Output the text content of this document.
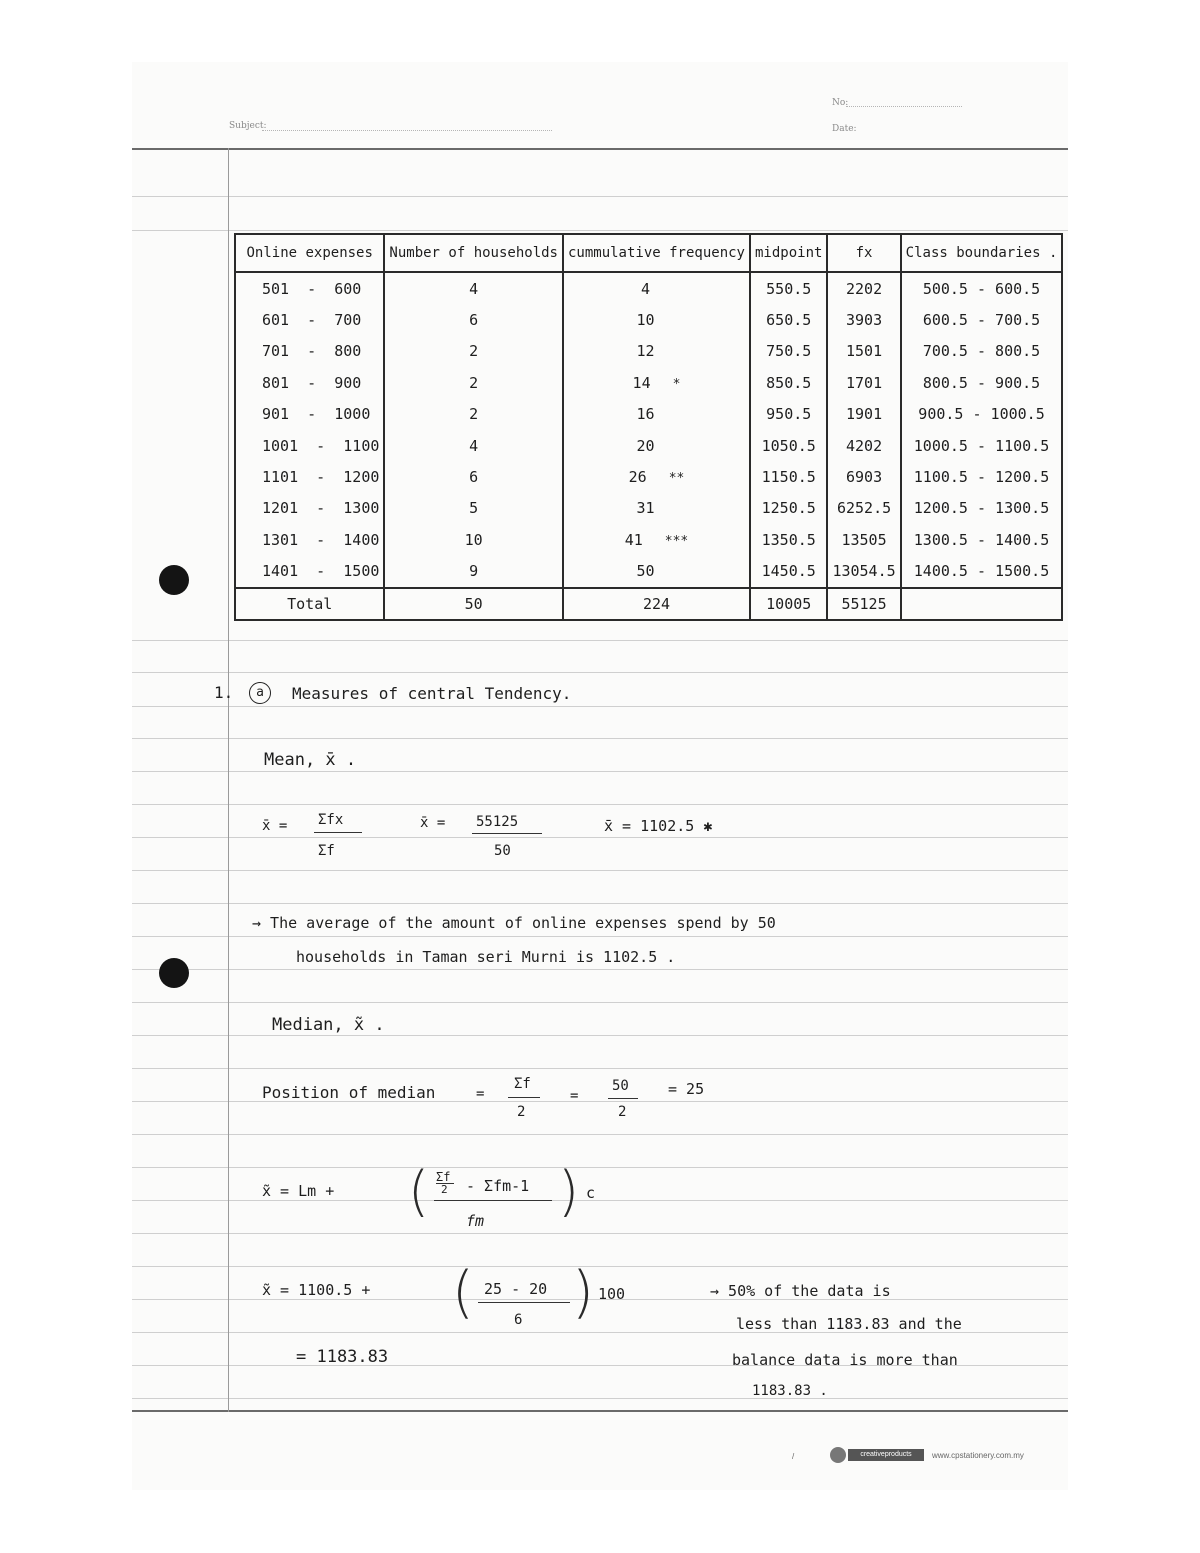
Subject:
No:
Date:
Online expenses	Number of households	cummulative frequency	midpoint	fx	Class boundaries .
501  -  600	4	4	550.5	2202	500.5 - 600.5
601  -  700	6	10	650.5	3903	600.5 - 700.5
701  -  800	2	12	750.5	1501	700.5 - 800.5
801  -  900	2	14 *	850.5	1701	800.5 - 900.5
901  -  1000	2	16	950.5	1901	900.5 - 1000.5
1001  -  1100	4	20	1050.5	4202	1000.5 - 1100.5
1101  -  1200	6	26 **	1150.5	6903	1100.5 - 1200.5
1201  -  1300	5	31	1250.5	6252.5	1200.5 - 1300.5
1301  -  1400	10	41 ***	1350.5	13505	1300.5 - 1400.5
1401  -  1500	9	50	1450.5	13054.5	1400.5 - 1500.5
Total	50	224	10005	55125	
1.	a	Measures of central Tendency.
Mean, x̄ .
x̄ = Σfx
Σf
x̄ = 55125
50
x̄ = 1102.5 ✱
→ The average of the amount of online expenses spend by 50
households in Taman seri Murni is 1102.5 .
Median, x̃ .
Position of median	=
Σf
2
=
50
2
= 25
x̃ = Lm + ( Σf
2 - Σfm-1
fm ) c
x̃ = 1100.5 + ( 25 - 20
6 ) 100
= 1183.83
→ 50% of the data is
less than 1183.83 and the
balance data is more than
1183.83 .
/	creativeproducts	www.cpstationery.com.my
